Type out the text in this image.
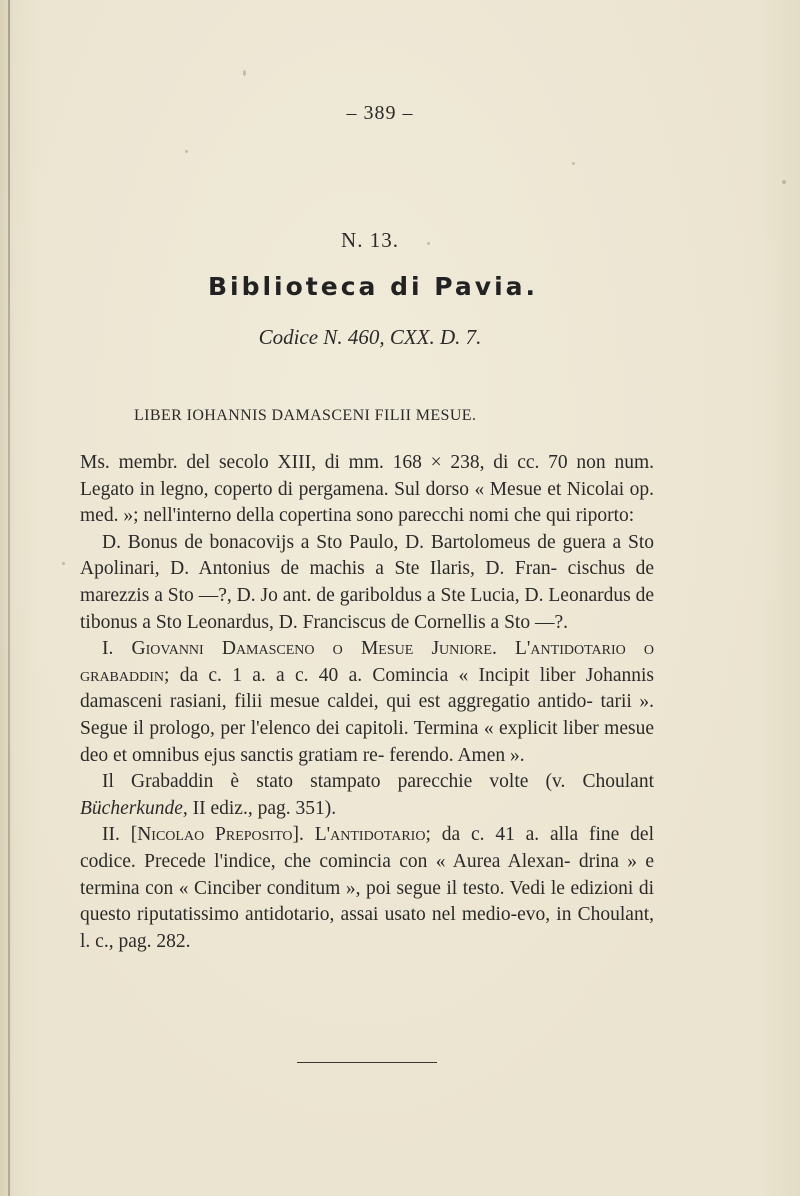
– 389 –
N. 13.
Biblioteca di Pavia.
Codice N. 460, CXX. D. 7.
LIBER IOHANNIS DAMASCENI FILII MESUE.

Ms. membr. del secolo XIII, di mm. 168 × 238, di cc. 70 non num. Legato in legno, coperto di pergamena. Sul dorso « Mesue et Nicolai op. med. »; nell'interno della copertina sono parecchi nomi che qui riporto:

D. Bonus de bonacovijs a Sto Paulo, D. Bartolomeus de guera a Sto Apolinari, D. Antonius de machis a Ste Ilaris, D. Fran- cischus de marezzis a Sto —?, D. Jo ant. de gariboldus a Ste Lucia, D. Leonardus de tibonus a Sto Leonardus, D. Franciscus de Cornellis a Sto —?.

I. Giovanni Damasceno o Mesue Juniore. L'antidotario o grabaddin; da c. 1 a. a c. 40 a. Comincia « Incipit liber Johannis damasceni rasiani, filii mesue caldei, qui est aggregatio antido- tarii ». Segue il prologo, per l'elenco dei capitoli. Termina « explicit liber mesue deo et omnibus ejus sanctis gratiam re- ferendo. Amen ».

Il Grabaddin è stato stampato parecchie volte (v. Choulant Bücherkunde, II ediz., pag. 351).

II. [Nicolao Preposito]. L'antidotario; da c. 41 a. alla fine del codice. Precede l'indice, che comincia con « Aurea Alexan- drina » e termina con « Cinciber conditum », poi segue il testo. Vedi le edizioni di questo riputatissimo antidotario, assai usato nel medio-evo, in Choulant, l. c., pag. 282.
